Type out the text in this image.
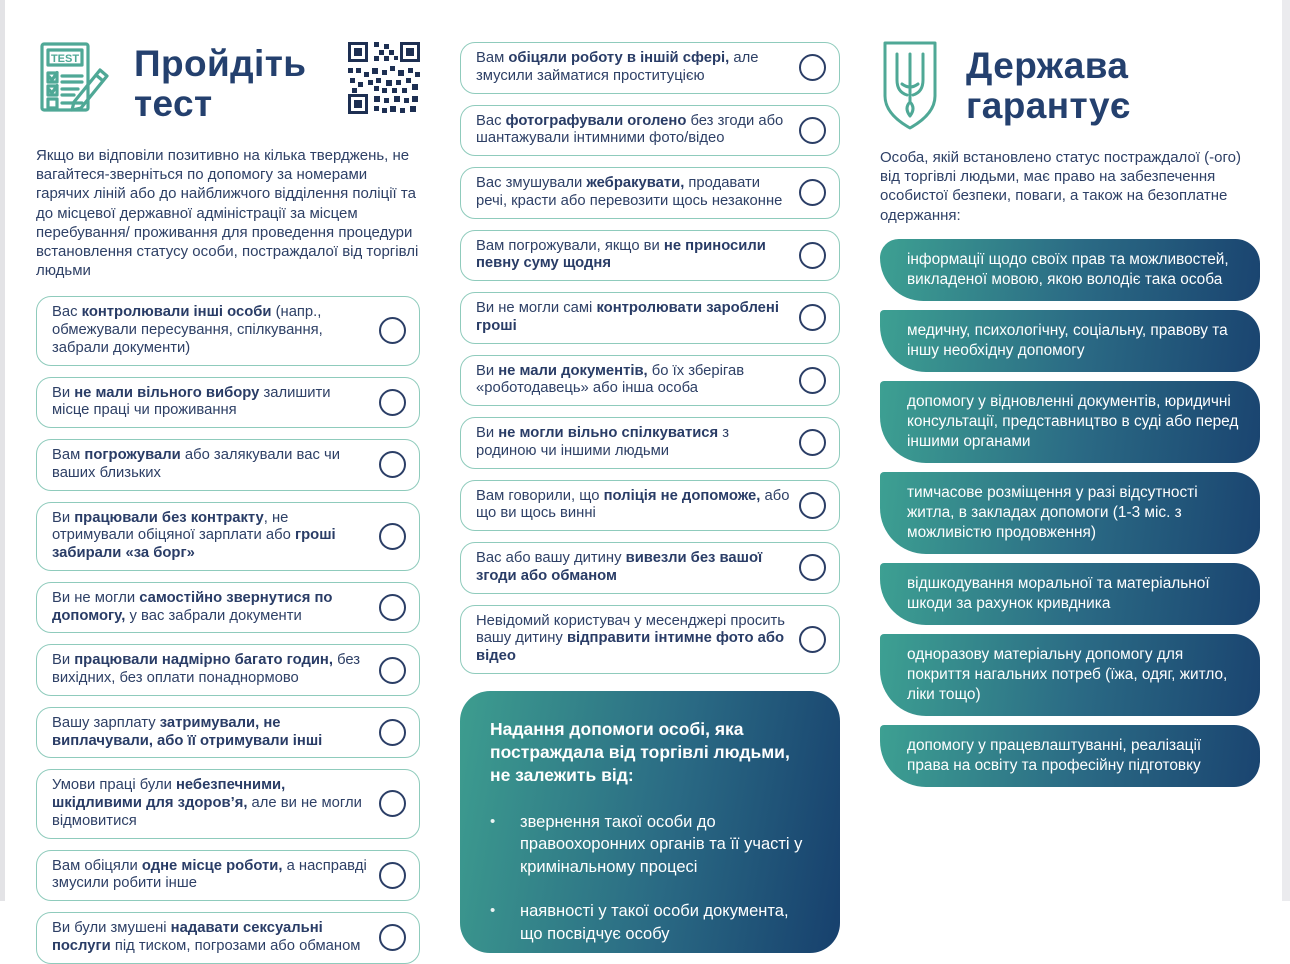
TEST Пройдіть
тест

Якщо ви відповіли позитивно на кілька тверджень, не вагайтеся-зверніться по допомогу за номерами гарячих ліній або до найближчого відділення поліції та до місцевої державної адміністрації за місцем перебування/ проживання для проведення процедури встановлення статусу особи, постраждалої від торгівлі людьми

Вас контролювали інші особи (напр., обмежували пересування, спілкування, забрали документи)
Ви не мали вільного вибору залишити місце праці чи проживання
Вам погрожували або залякували вас чи ваших близьких
Ви працювали без контракту, не отримували обіцяної зарплати або гроші забирали «за борг»
Ви не могли самостійно звернутися по допомогу, у вас забрали документи
Ви працювали надмірно багато годин, без вихідних, без оплати понаднормово
Вашу зарплату затримували, не виплачували, або її отримували інші
Умови праці були небезпечними, шкідливими для здоров’я, але ви не могли відмовитися
Вам обіцяли одне місце роботи, а насправді змусили робити інше
Ви були змушені надавати сексуальні послуги під тиском, погрозами або обманом
Вам обіцяли роботу в іншій сфері, але змусили займатися проституцією
Вас фотографували оголено без згоди або шантажували інтимними фото/відео
Вас змушували жебракувати, продавати речі, красти або перевозити щось незаконне
Вам погрожували, якщо ви не приносили певну суму щодня
Ви не могли самі контролювати зароблені гроші
Ви не мали документів, бо їх зберігав «роботодавець» або інша особа
Ви не могли вільно спілкуватися з родиною чи іншими людьми
Вам говорили, що поліція не допоможе, або що ви щось винні
Вас або вашу дитину вивезли без вашої згоди або обманом
Невідомий користувач у месенджері просить вашу дитину відправити інтимне фото або відео
Надання допомоги особі, яка постраждала від торгівлі людьми, не залежить від:
• звернення такої особи до правоохоронних органів та її участі у кримінальному процесі
• наявності у такої особи документа, що посвідчує особу
Держава
гарантує

Особа, якій встановлено статус постраждалої (-ого) від торгівлі людьми, має право на забезпечення особистої безпеки, поваги, а також на безоплатне одержання:

інформації щодо своїх прав та можливостей, викладеної мовою, якою володіє така особа
медичну, психологічну, соціальну, правову та іншу необхідну допомогу
допомогу у відновленні документів, юридичні консультації, представництво в суді або перед іншими органами
тимчасове розміщення у разі відсутності житла, в закладах допомоги (1-3 міс. з можливістю продовження)
відшкодування моральної та матеріальної шкоди за рахунок кривдника
одноразову матеріальну допомогу для покриття нагальних потреб (їжа, одяг, житло, ліки тощо)
допомогу у працевлаштуванні, реалізації права на освіту та професійну підготовку
